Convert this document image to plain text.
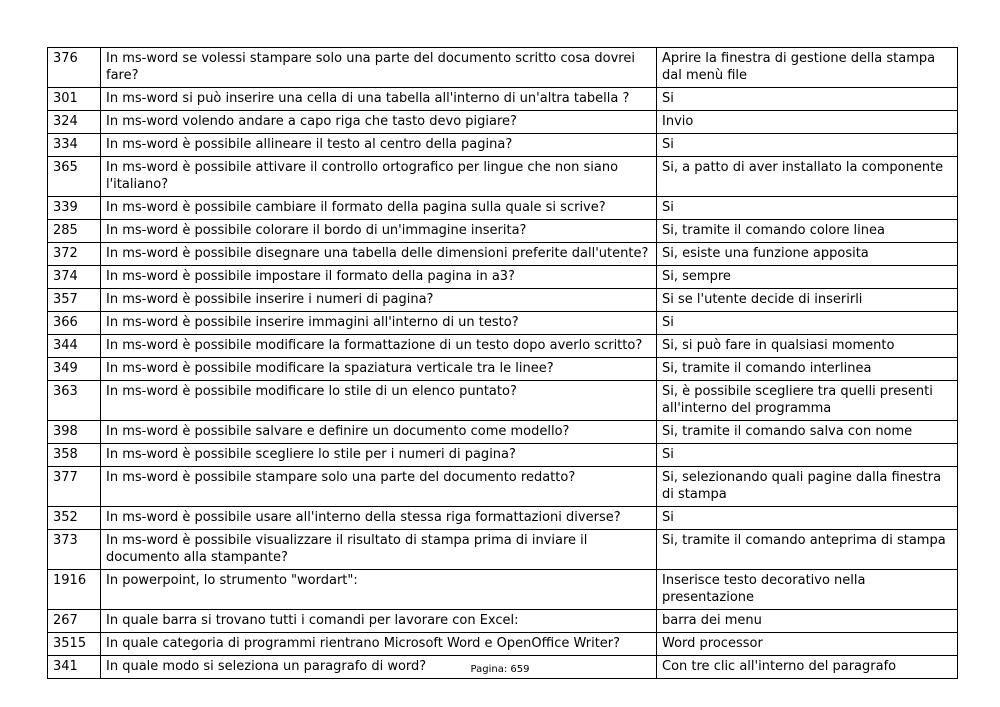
376	In ms-word se volessi stampare solo una parte del documento scritto cosa dovrei fare?	Aprire la finestra di gestione della stampa dal menù file
301	In ms-word si può inserire una cella di una tabella all'interno di un'altra tabella ?	Si
324	In ms-word volendo andare a capo riga che tasto devo pigiare?	Invio
334	In ms-word è possibile allineare il testo al centro della pagina?	Si
365	In ms-word è possibile attivare il controllo ortografico per lingue che non siano l'italiano?	Si, a patto di aver installato la componente
339	In ms-word è possibile cambiare il formato della pagina sulla quale si scrive?	Si
285	In ms-word è possibile colorare il bordo di un'immagine inserita?	Si, tramite il comando colore linea
372	In ms-word è possibile disegnare una tabella delle dimensioni preferite dall'utente?	Si, esiste una funzione apposita
374	In ms-word è possibile impostare il formato della pagina in a3?	Si, sempre
357	In ms-word è possibile inserire i numeri di pagina?	Si se l'utente decide di inserirli
366	In ms-word è possibile inserire immagini all'interno di un testo?	Si
344	In ms-word è possibile modificare la formattazione di un testo dopo averlo scritto?	Si, si può fare in qualsiasi momento
349	In ms-word è possibile modificare la spaziatura verticale tra le linee?	Si, tramite il comando interlinea
363	In ms-word è possibile modificare lo stile di un elenco puntato?	Si, è possibile scegliere tra quelli presenti all'interno del programma
398	In ms-word è possibile salvare e definire un documento come modello?	Si, tramite il comando salva con nome
358	In ms-word è possibile scegliere lo stile per i numeri di pagina?	Si
377	In ms-word è possibile stampare solo una parte del documento redatto?	Si, selezionando quali pagine dalla finestra di stampa
352	In ms-word è possibile usare all'interno della stessa riga formattazioni diverse?	Si
373	In ms-word è possibile visualizzare il risultato di stampa prima di inviare il documento alla stampante?	Si, tramite il comando anteprima di stampa
1916	In powerpoint, lo strumento "wordart":	Inserisce testo decorativo nella presentazione
267	In quale barra si trovano tutti i comandi per lavorare con Excel:	barra dei menu
3515	In quale categoria di programmi rientrano Microsoft Word e OpenOffice Writer?	Word processor
341	In quale modo si seleziona un paragrafo di word?	Con tre clic all'interno del paragrafo
Pagina: 659
